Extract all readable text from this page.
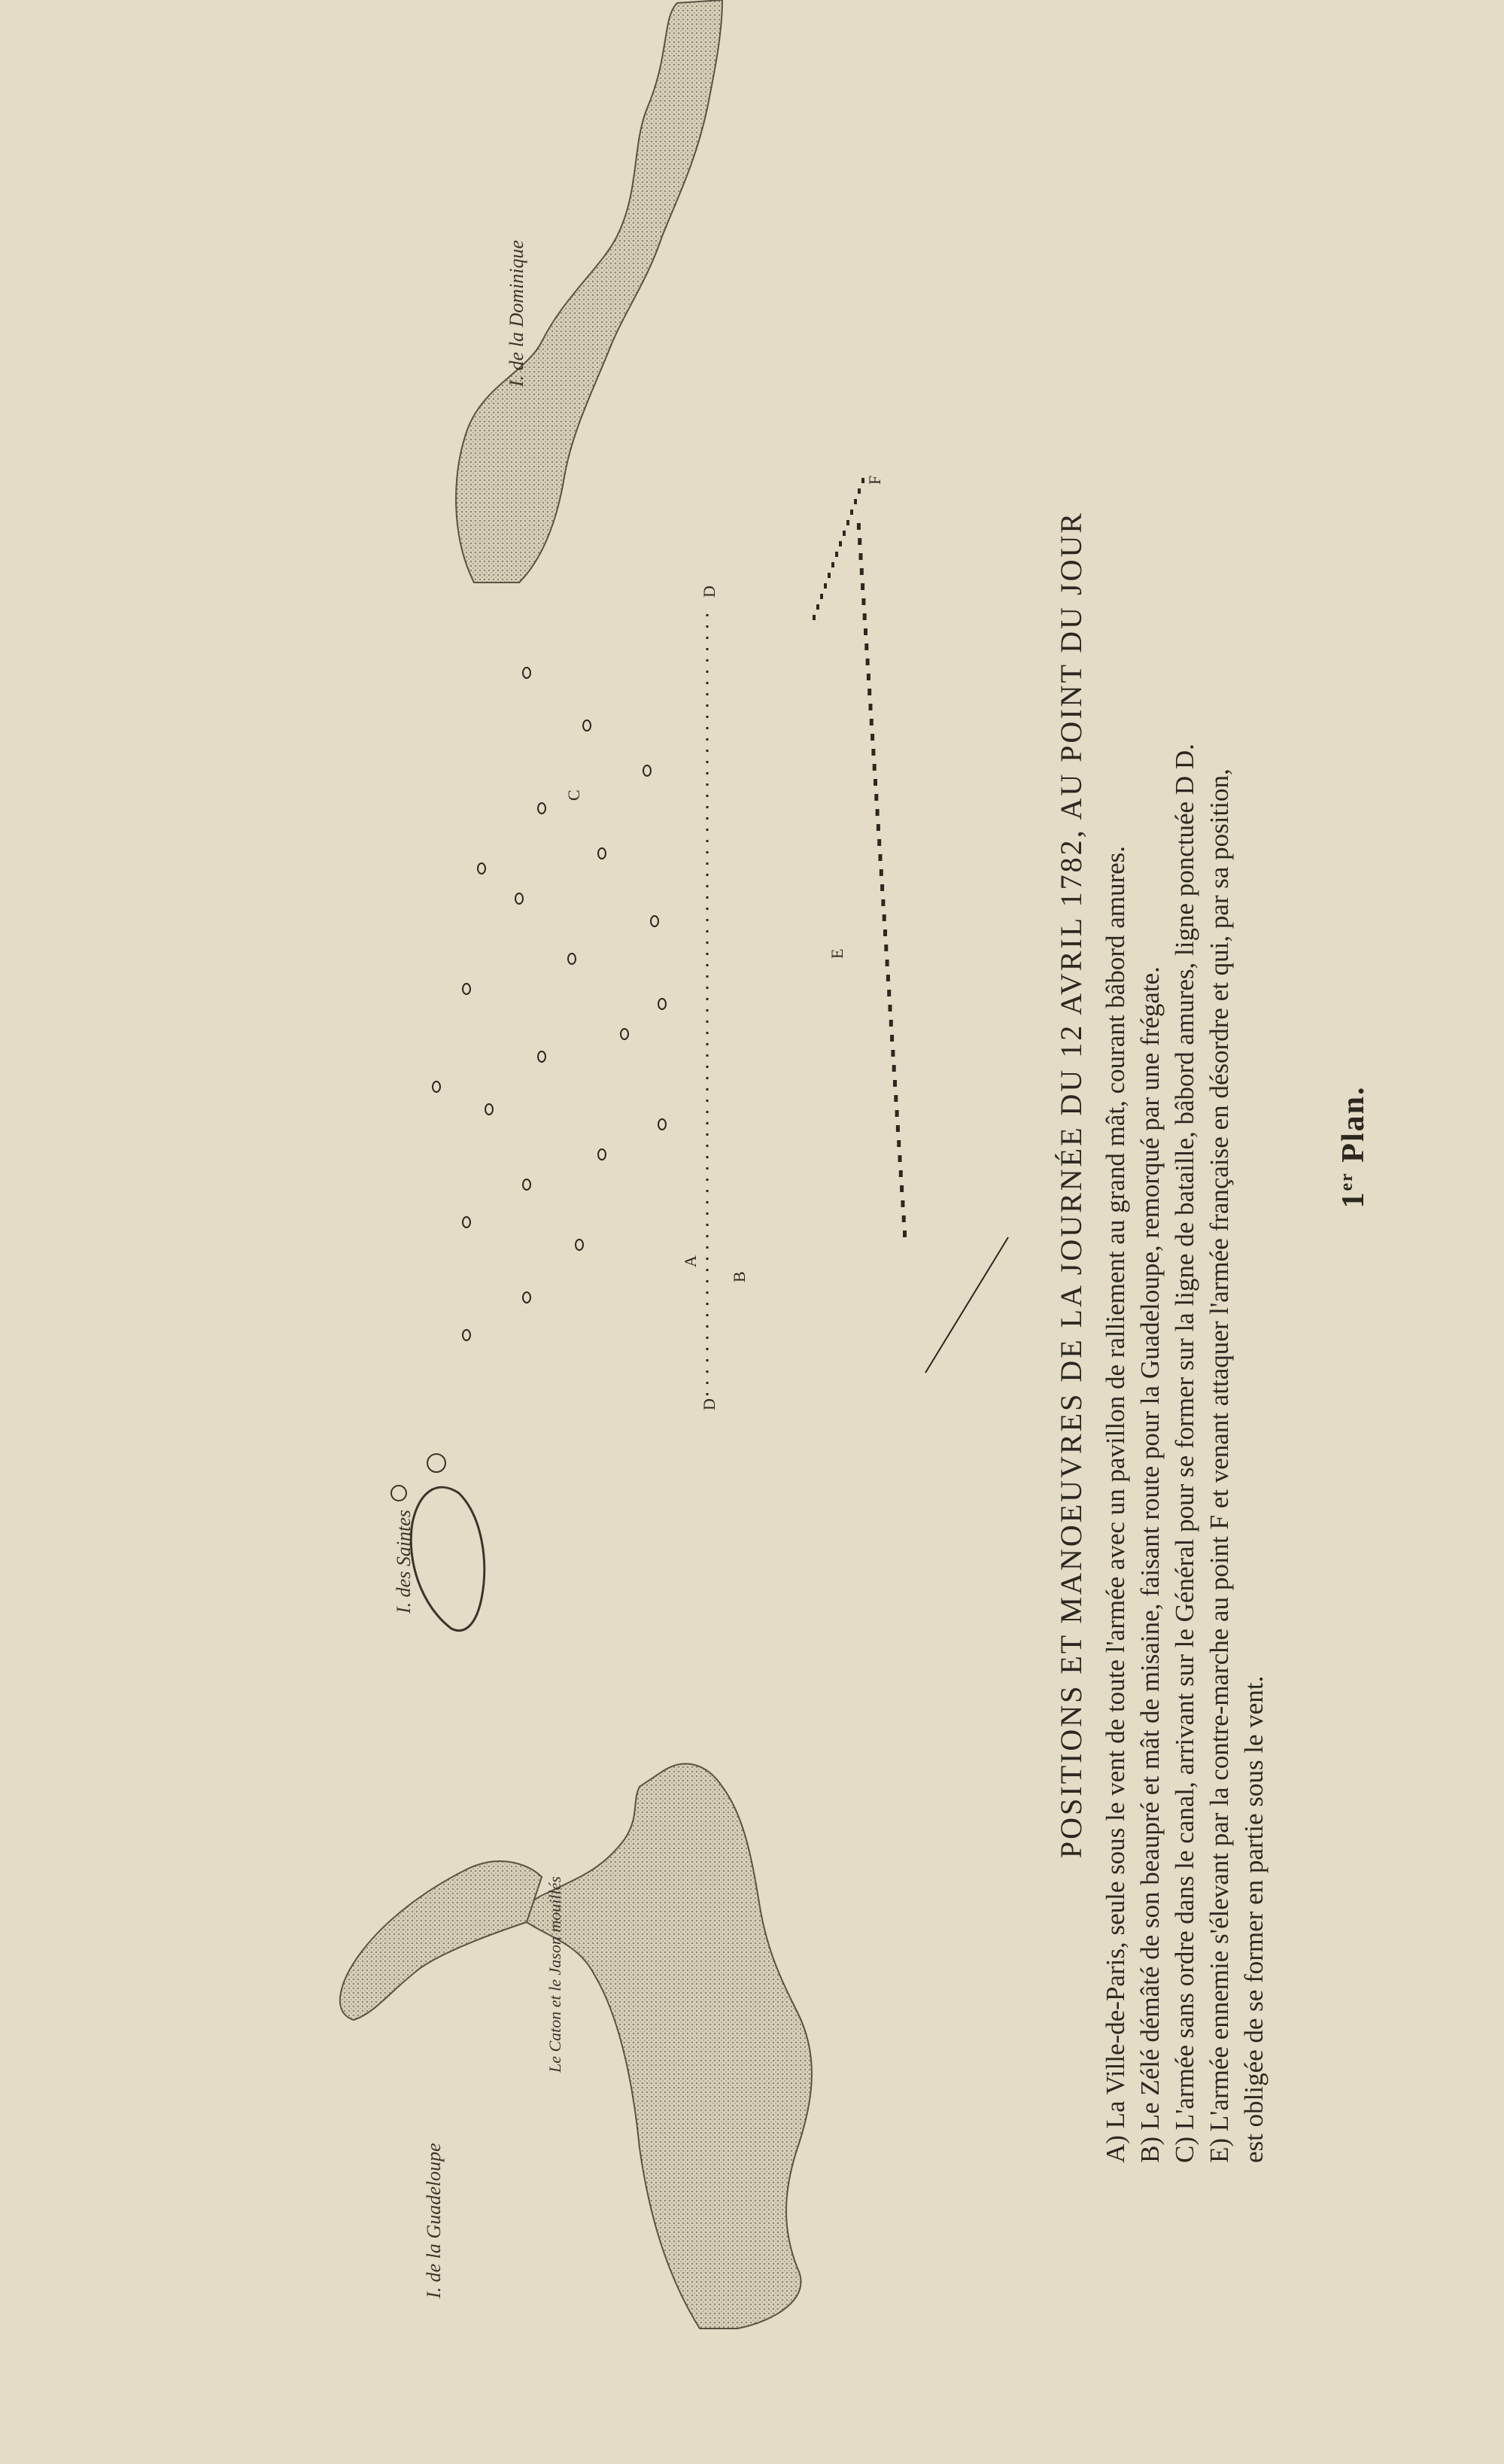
I. de la Guadeloupe
I. des Saintes
I. de la Dominique
Le Caton et le Jason mouillés
A
B
C
D
D
E
F
POSITIONS ET MANOEUVRES DE LA JOURNÉE DU 12 AVRIL 1782, AU POINT DU JOUR
A) La Ville-de-Paris, seule sous le vent de toute l'armée avec un pavillon de ralliement au grand mât, courant bâbord amures.
B) Le Zélé démâté de son beaupré et mât de misaine, faisant route pour la Guadeloupe, remorqué par une frégate.
C) L'armée sans ordre dans le canal, arrivant sur le Général pour se former sur la ligne de bataille, bâbord amures, ligne ponctuée D D.
E) L'armée ennemie s'élevant par la contre-marche au point F et venant attaquer l'armée française en désordre et qui, par sa position, est obligée de se former en partie sous le vent.
1er Plan.
